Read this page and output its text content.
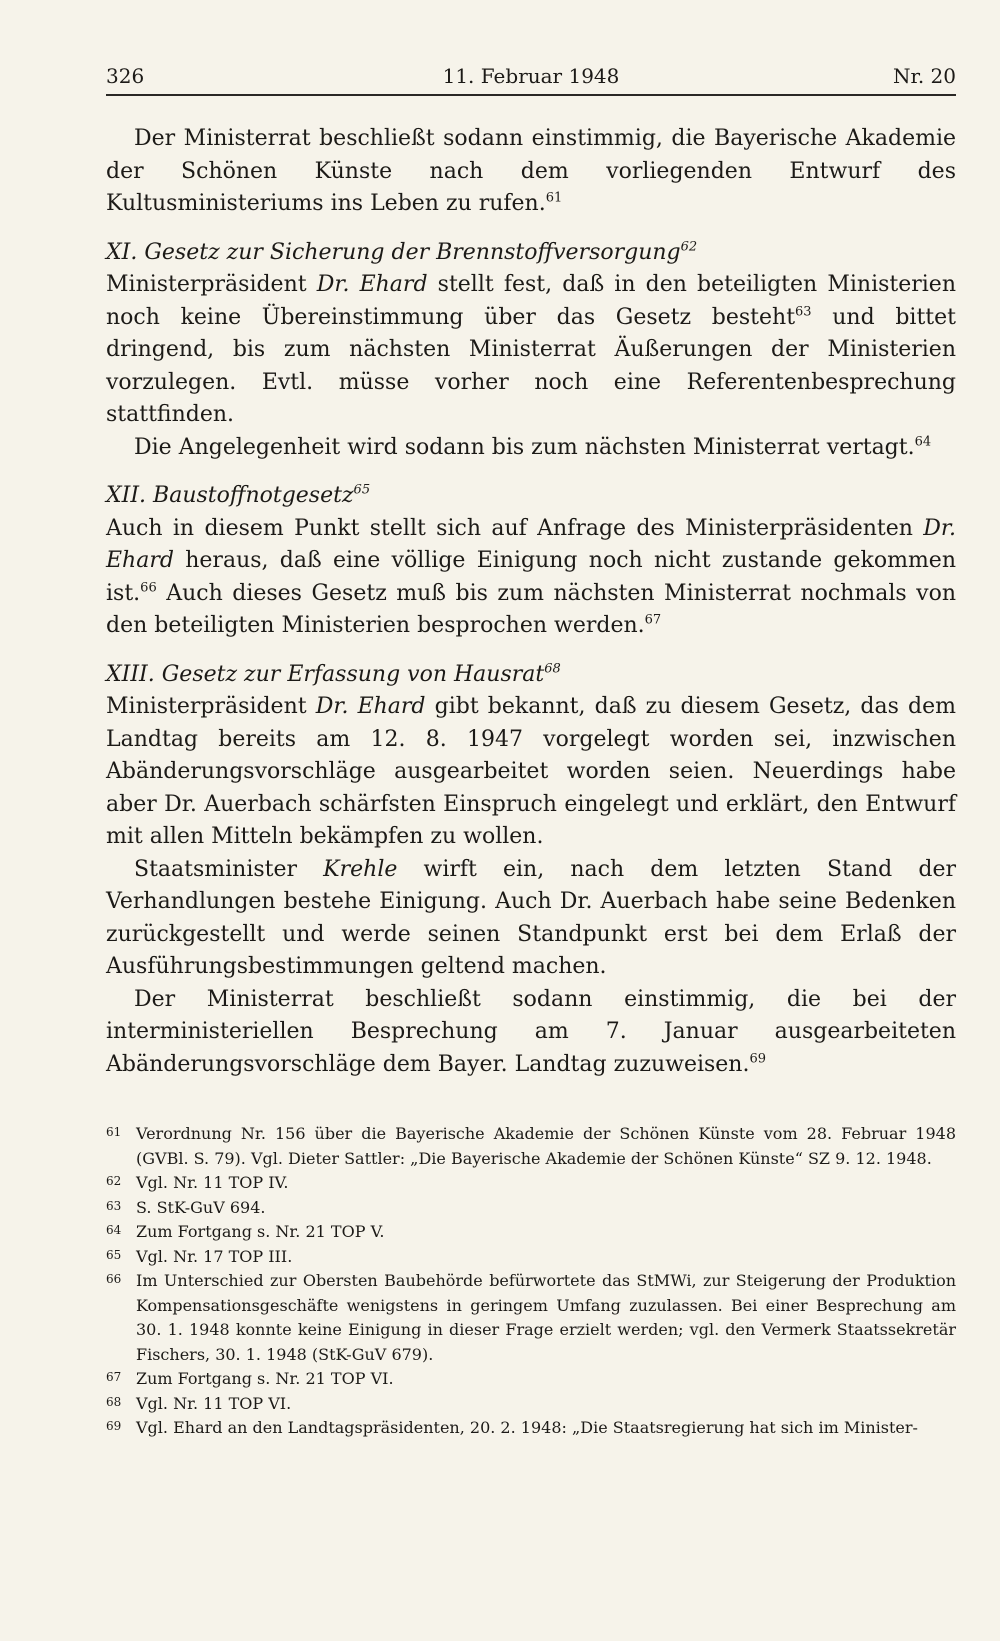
326	11. Februar 1948	Nr. 20

Der Ministerrat beschließt sodann einstimmig, die Bayerische Akademie der Schönen Künste nach dem vorliegenden Entwurf des Kultusministeriums ins Leben zu rufen.$^{61}$

XI. Gesetz zur Sicherung der Brennstoffversorgung$^{62}$

Ministerpräsident Dr. Ehard stellt fest, daß in den beteiligten Ministerien noch keine Übereinstimmung über das Gesetz besteht$^{63}$ und bittet dringend, bis zum nächsten Ministerrat Äußerungen der Ministerien vorzulegen. Evtl. müsse vorher noch eine Referentenbesprechung stattfinden.

Die Angelegenheit wird sodann bis zum nächsten Ministerrat vertagt.$^{64}$

XII. Baustoffnotgesetz$^{65}$

Auch in diesem Punkt stellt sich auf Anfrage des Ministerpräsidenten Dr. Ehard heraus, daß eine völlige Einigung noch nicht zustande gekommen ist.$^{66}$ Auch dieses Gesetz muß bis zum nächsten Ministerrat nochmals von den beteiligten Ministerien besprochen werden.$^{67}$

XIII. Gesetz zur Erfassung von Hausrat$^{68}$

Ministerpräsident Dr. Ehard gibt bekannt, daß zu diesem Gesetz, das dem Landtag bereits am 12. 8. 1947 vorgelegt worden sei, inzwischen Abänderungsvorschläge ausgearbeitet worden seien. Neuerdings habe aber Dr. Auerbach schärfsten Einspruch eingelegt und erklärt, den Entwurf mit allen Mitteln bekämpfen zu wollen.

Staatsminister Krehle wirft ein, nach dem letzten Stand der Verhandlungen bestehe Einigung. Auch Dr. Auerbach habe seine Bedenken zurückgestellt und werde seinen Standpunkt erst bei dem Erlaß der Ausführungsbestimmungen geltend machen.

Der Ministerrat beschließt sodann einstimmig, die bei der interministeriellen Besprechung am 7. Januar ausgearbeiteten Abänderungsvorschläge dem Bayer. Landtag zuzuweisen.$^{69}$

61 Verordnung Nr. 156 über die Bayerische Akademie der Schönen Künste vom 28. Februar 1948 (GVBl. S. 79). Vgl. Dieter Sattler: „Die Bayerische Akademie der Schönen Künste“ SZ 9. 12. 1948.

62 Vgl. Nr. 11 TOP IV.

63 S. StK-GuV 694.

64 Zum Fortgang s. Nr. 21 TOP V.

65 Vgl. Nr. 17 TOP III.

66 Im Unterschied zur Obersten Baubehörde befürwortete das StMWi, zur Steigerung der Produktion Kompensationsgeschäfte wenigstens in geringem Umfang zuzulassen. Bei einer Besprechung am 30. 1. 1948 konnte keine Einigung in dieser Frage erzielt werden; vgl. den Vermerk Staatssekretär Fischers, 30. 1. 1948 (StK-GuV 679).

67 Zum Fortgang s. Nr. 21 TOP VI.

68 Vgl. Nr. 11 TOP VI.

69 Vgl. Ehard an den Landtagspräsidenten, 20. 2. 1948: „Die Staatsregierung hat sich im Minister-
